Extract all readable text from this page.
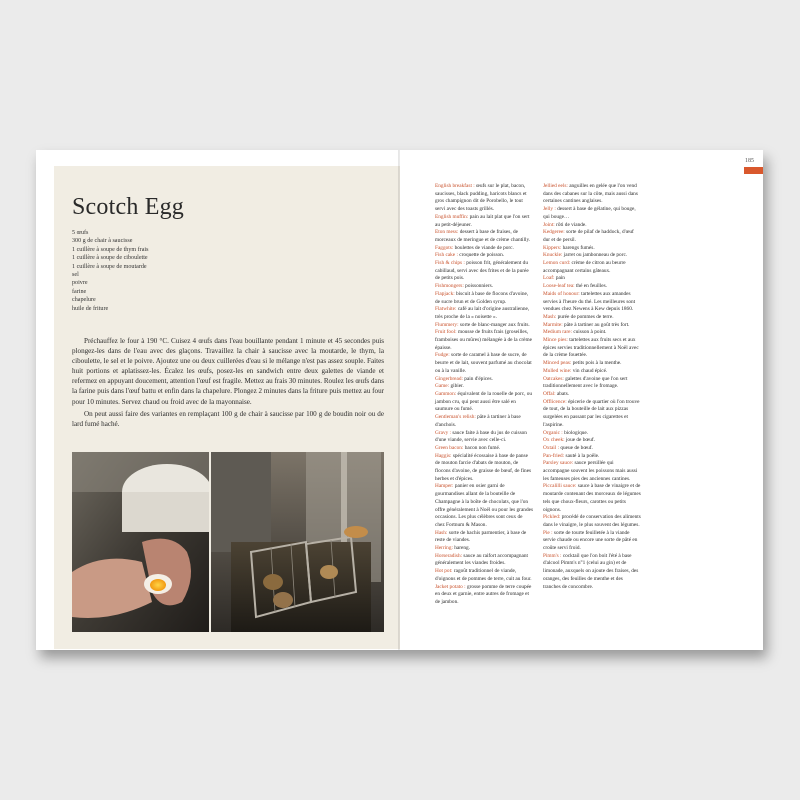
Scotch Egg
5 œufs
300 g de chair à saucisse
1 cuillère à soupe de thym frais
1 cuillère à soupe de ciboulette
1 cuillère à soupe de moutarde
sel
poivre
farine
chapelure
huile de friture

Préchauffez le four à 190 °C. Cuisez 4 œufs dans l'eau bouillante pendant 1 minute et 45 secondes puis plongez-les dans de l'eau avec des glaçons. Travaillez la chair à saucisse avec la moutarde, le thym, la ciboulette, le sel et le poivre. Ajoutez une ou deux cuillerées d'eau si le mélange n'est pas assez souple. Faites huit portions et aplatissez-les. Écalez les œufs, posez-les en sandwich entre deux galettes de viande et refermez en appuyant doucement, attention l'œuf est fragile. Mettez au frais 30 minutes. Roulez les œufs dans la farine puis dans l'œuf battu et enfin dans la chapelure. Plongez 2 minutes dans la friture puis mettez au four pour 10 minutes. Servez chaud ou froid avec de la mayonnaise.

On peut aussi faire des variantes en remplaçant 100 g de chair à saucisse par 100 g de boudin noir ou de lard fumé haché.

English breakfast : œufs sur le plat, bacon, saucisses, black pudding, haricots blancs et gros champignon dit de Porobello, le tout servi avec des toasts grillés.

English muffin: pain au lait plat que l'on sert au petit-déjeuner.

Eton mess: dessert à base de fraises, de morceaux de meringue et de crème chantilly.

Faggots: boulettes de viande de porc.

Fish cake : croquette de poisson.

Fish & chips : poisson frit, généralement du cabillaud, servi avec des frites et de la purée de petits pois.

Fishmongers: poissonniers.

Flapjack: biscuit à base de flocons d'avoine, de sucre brun et de Golden syrup.

Flatwhite: café au lait d'origine australienne, très proche de la « noisette ».

Flummery: sorte de blanc-manger aux fruits.

Fruit fool: mousse de fruits frais (groseilles, framboises ou mûres) mélangée à de la crème épaisse.

Fudge: sorte de caramel à base de sucre, de beurre et de lait, souvent parfumé au chocolat ou à la vanille.

Gingerbread: pain d'épices.

Game: gibier.

Gammon: équivalent de la rouelle de porc, ou jambon cru, qui peut aussi être salé en saumure ou fumé.

Gentleman's relish: pâte à tartiner à base d'anchois.

Gravy : sauce faite à base du jus de cuisson d'une viande, servie avec celle-ci.

Green bacon: bacon non fumé.

Haggis: spécialité écossaise à base de panse de mouton farcie d'abats de mouton, de flocons d'avoine, de graisse de bœuf, de fines herbes et d'épices.

Hamper: panier en osier garni de gourmandises allant de la bouteille de Champagne à la boîte de chocolats, que l'on offre généralement à Noël ou pour les grandes occasions. Les plus célèbres sont ceux de chez Fortnum & Mason.

Hash: sorte de hachis parmentier, à base de reste de viandes.

Herring: hareng.

Horseradish: sauce au raifort accompagnant généralement les viandes froides.

Hot pot: ragoût traditionnel de viande, d'oignons et de pommes de terre, cuit au four.

Jacket potato : grosse pomme de terre coupée en deux et garnie, entre autres de fromage et de jambon.

Jellied eels: anguilles en gelée que l'on vend dans des cabanes sur la côte, mais aussi dans certaines cantines anglaises.

Jelly : dessert à base de gélatine, qui bouge, qui bouge…

Joint: rôti de viande.

Kedgeree: sorte de pilaf de haddock, d'œuf dur et de persil.

Kippers: harengs fumés.

Knuckle: jarret ou jambonneau de porc.

Lemon curd: crème de citron au beurre accompagnant certains gâteaux.

Loaf: pain

Loose-leaf tea: thé en feuilles.

Maids of honour: tartelettes aux amandes servies à l'heure du thé. Les meilleures sont vendues chez Newens à Kew depuis 1860.

Mash: purée de pommes de terre.

Marmite: pâte à tartiner au goût très fort.

Medium rare: cuisson à point.

Mince pies: tartelettes aux fruits secs et aux épices servies traditionnellement à Noël avec de la crème fouettée.

Minced peas: petits pois à la menthe.

Mulled wine: vin chaud épicé.

Oatcakes: galettes d'avoine que l'on sert traditionnellement avec le fromage.

Offal: abats.

Offlicence: épicerie de quartier où l'on trouve de tout, de la bouteille de lait aux pizzas surgelées en passant par les cigarettes et l'aspirine.

Organic : biologique.

Ox cheek: joue de bœuf.

Oxtail : queue de bœuf.

Pan-fried: sauté à la poêle.

Parsley sauce: sauce persillée qui accompagne souvent les poissons mais aussi les fameuses pies des anciennes cantines.

Piccalilli sauce: sauce à base de vinaigre et de moutarde contenant des morceaux de légumes tels que choux-fleurs, carottes ou petits oignons.

Pickled: procédé de conservation des aliments dans le vinaigre, le plus souvent des légumes.

Pie : sorte de tourte feuilletée à la viande servie chaude ou encore une sorte de pâté en croûte servi froid.

Pimm's : cocktail que l'on boit l'été à base d'alcool Pimm's n°1 (celui au gin) et de limonade, auxquels on ajoute des fraises, des oranges, des feuilles de menthe et des tranches de concombre.

185
